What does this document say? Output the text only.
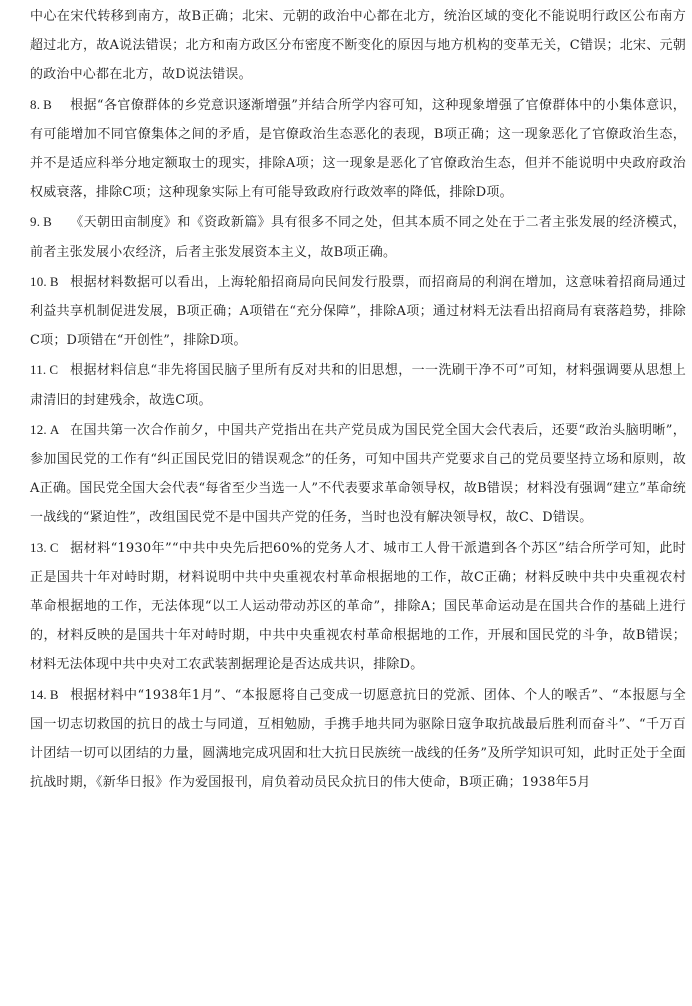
中心在宋代转移到南方，故B正确；北宋、元朝的政治中心都在北方，统治区域的变化不能说明行政区公布南方超过北方，故A说法错误；北方和南方政区分布密度不断变化的原因与地方机构的变革无关，C错误；北宋、元朝的政治中心都在北方，故D说法错误。

8. B 根据“各官僚群体的乡党意识逐渐增强”并结合所学内容可知，这种现象增强了官僚群体中的小集体意识，有可能增加不同官僚集体之间的矛盾，是官僚政治生态恶化的表现，B项正确；这一现象恶化了官僚政治生态，并不是适应科举分地定额取士的现实，排除A项；这一现象是恶化了官僚政治生态，但并不能说明中央政府政治权威衰落，排除C项；这种现象实际上有可能导致政府行政效率的降低，排除D项。

9. B 《天朝田亩制度》和《资政新篇》具有很多不同之处，但其本质不同之处在于二者主张发展的经济模式，前者主张发展小农经济，后者主张发展资本主义，故B项正确。

10. B 根据材料数据可以看出，上海轮船招商局向民间发行股票，而招商局的利润在增加，这意味着招商局通过利益共享机制促进发展，B项正确；A项错在“充分保障”，排除A项；通过材料无法看出招商局有衰落趋势，排除C项；D项错在“开创性”，排除D项。

11. C 根据材料信息“非先将国民脑子里所有反对共和的旧思想，一一洗刷干净不可”可知，材料强调要从思想上肃清旧的封建残余，故选C项。

12. A 在国共第一次合作前夕，中国共产党指出在共产党员成为国民党全国大会代表后，还要“政治头脑明晰”，参加国民党的工作有“纠正国民党旧的错误观念”的任务，可知中国共产党要求自己的党员要坚持立场和原则，故A正确。国民党全国大会代表“每省至少当选一人”不代表要求革命领导权，故B错误；材料没有强调“建立”革命统一战线的“紧迫性”，改组国民党不是中国共产党的任务，当时也没有解决领导权，故C、D错误。

13. C 据材料“1930年”“中共中央先后把60%的党务人才、城市工人骨干派遣到各个苏区”结合所学可知，此时正是国共十年对峙时期，材料说明中共中央重视农村革命根据地的工作，故C正确；材料反映中共中央重视农村革命根据地的工作，无法体现“以工人运动带动苏区的革命”，排除A；国民革命运动是在国共合作的基础上进行的，材料反映的是国共十年对峙时期，中共中央重视农村革命根据地的工作，开展和国民党的斗争，故B错误；材料无法体现中共中央对工农武装割据理论是否达成共识，排除D。

14. B 根据材料中“1938年1月”、“本报愿将自己变成一切愿意抗日的党派、团体、个人的喉舌”、“本报愿与全国一切志切救国的抗日的战士与同道，互相勉励，手携手地共同为驱除日寇争取抗战最后胜利而奋斗”、“千万百计团结一切可以团结的力量，圆满地完成巩固和壮大抗日民族统一战线的任务”及所学知识可知，此时正处于全面抗战时期，《新华日报》作为爱国报刊，肩负着动员民众抗日的伟大使命，B项正确；1938年5月
